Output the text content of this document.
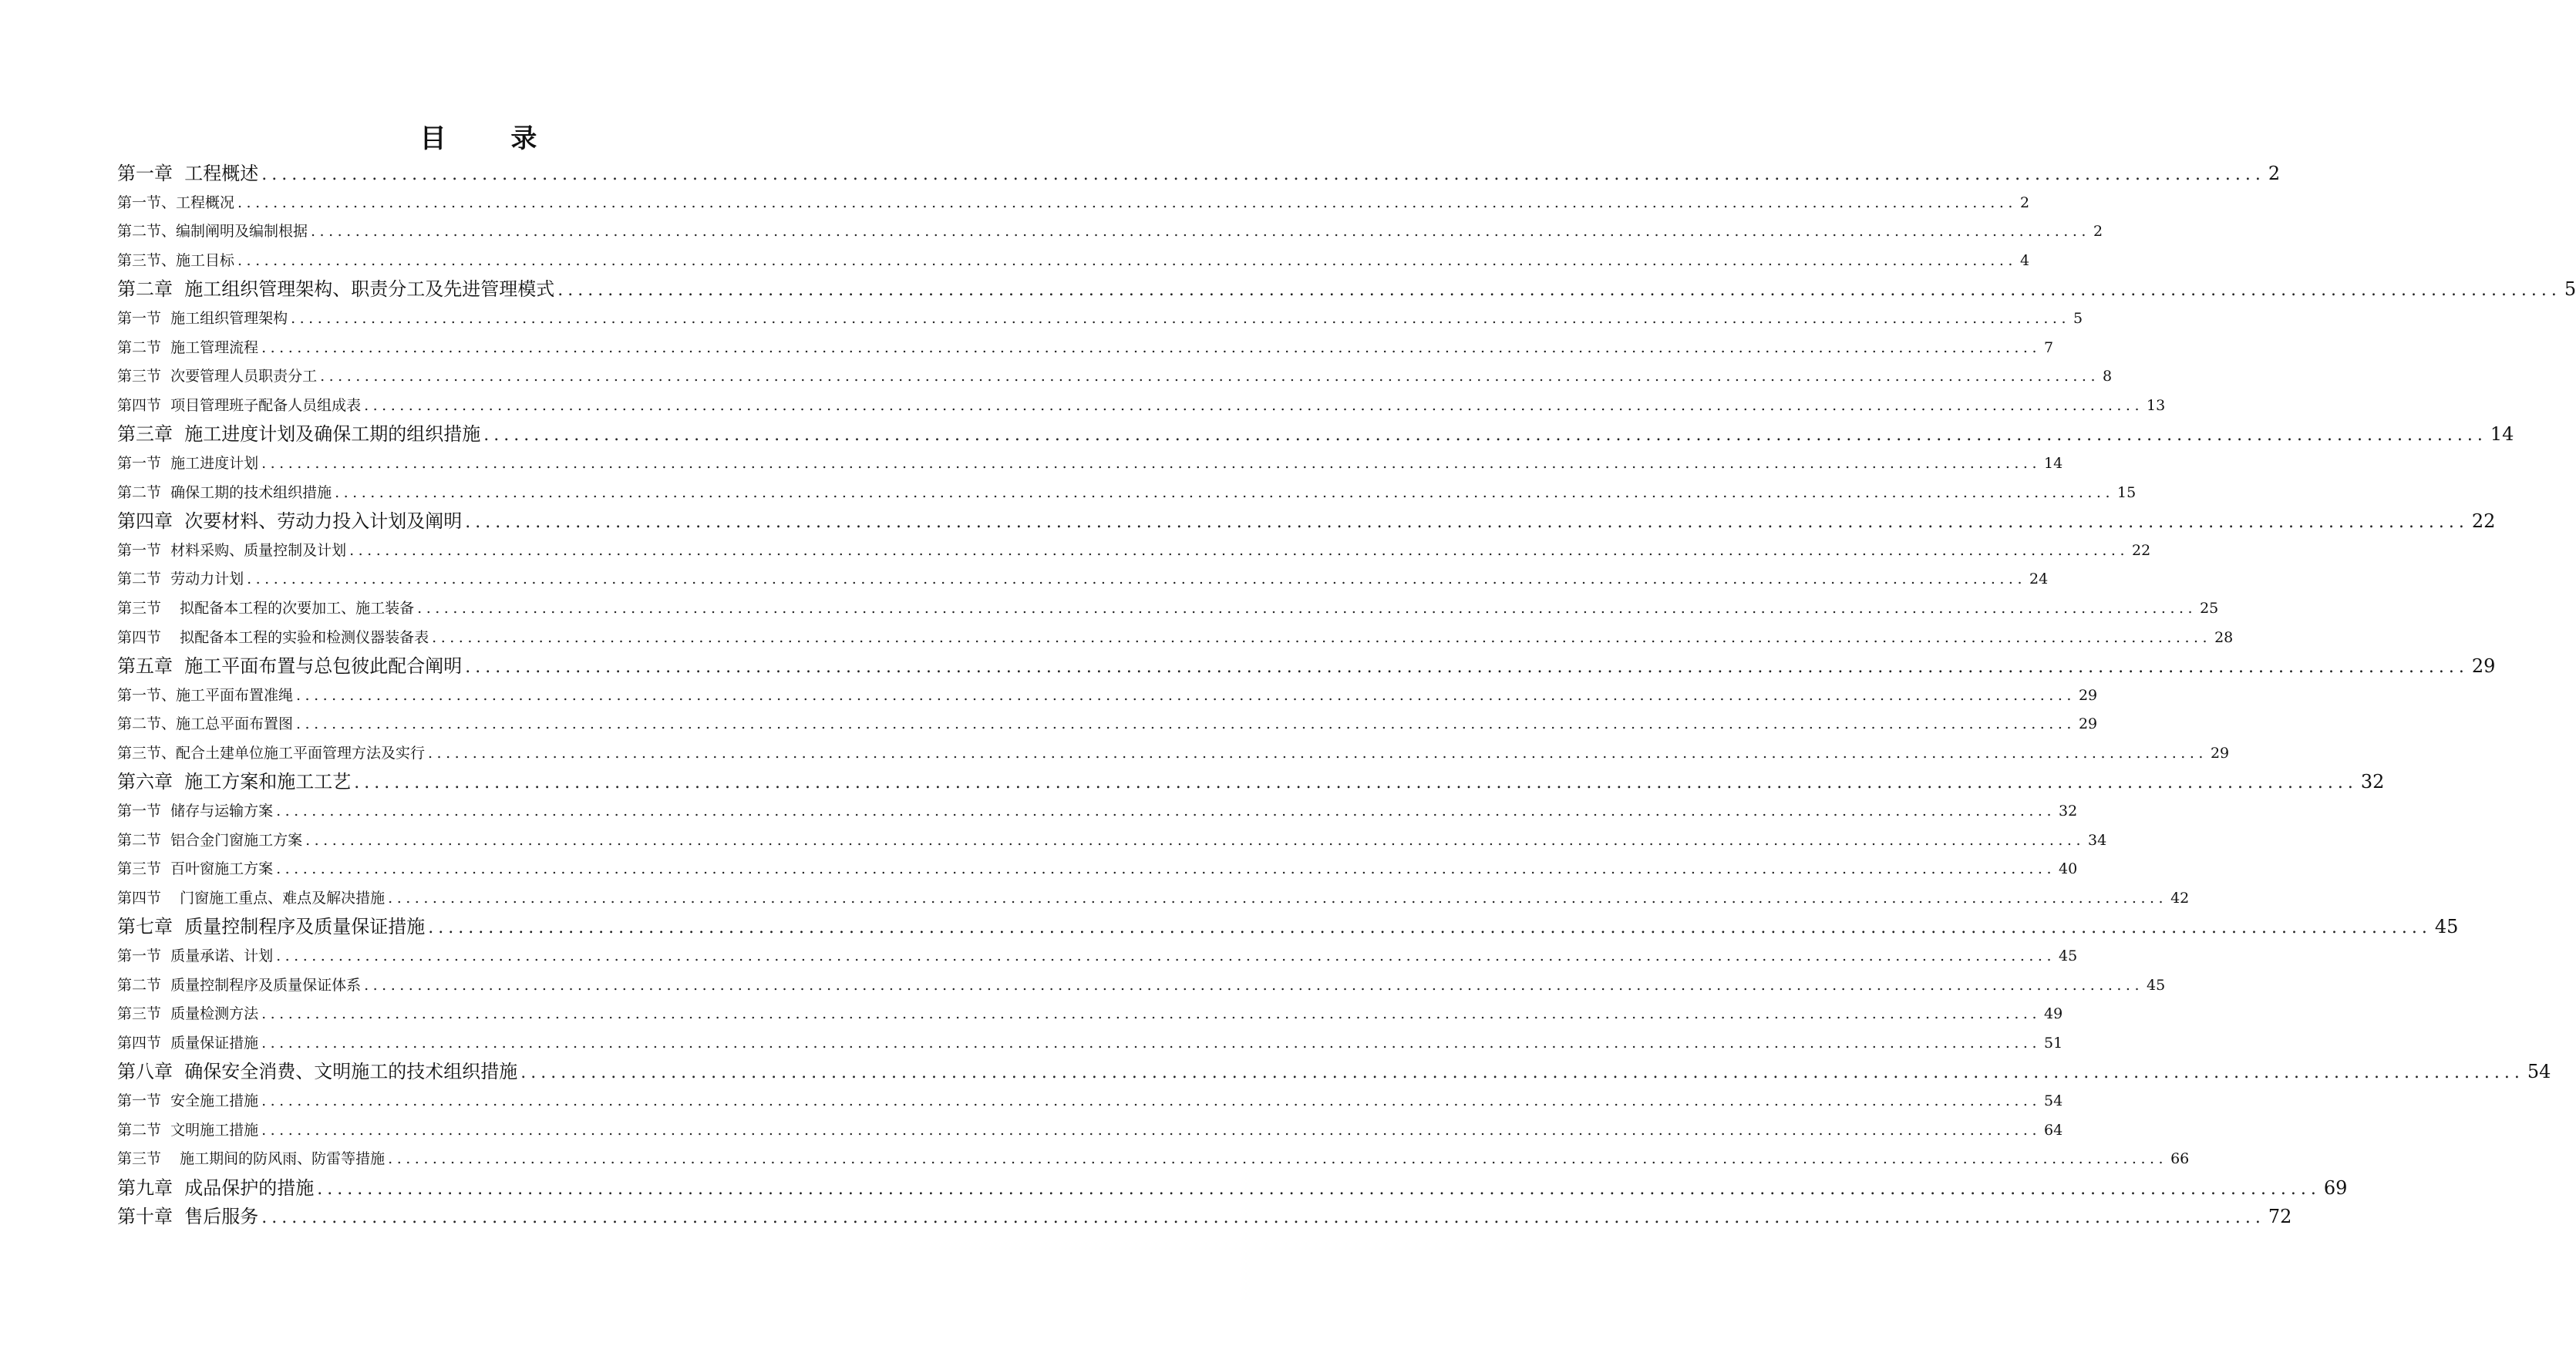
目 录
第一章  工程概述 ........................................................................................................................................................................................................ 2
第一节、工程概况 ........................................................................................................................................................................................................ 2
第二节、编制阐明及编制根据 ........................................................................................................................................................................................................ 2
第三节、施工目标 ........................................................................................................................................................................................................ 4
第二章  施工组织管理架构、职责分工及先进管理模式 ........................................................................................................................................................................................................ 5
第一节  施工组织管理架构 ........................................................................................................................................................................................................ 5
第二节  施工管理流程 ........................................................................................................................................................................................................ 7
第三节  次要管理人员职责分工 ........................................................................................................................................................................................................ 8
第四节  项目管理班子配备人员组成表 ........................................................................................................................................................................................................ 13
第三章  施工进度计划及确保工期的组织措施 ........................................................................................................................................................................................................ 14
第一节  施工进度计划 ........................................................................................................................................................................................................ 14
第二节  确保工期的技术组织措施 ........................................................................................................................................................................................................ 15
第四章  次要材料、劳动力投入计划及阐明 ........................................................................................................................................................................................................ 22
第一节  材料采购、质量控制及计划 ........................................................................................................................................................................................................ 22
第二节  劳动力计划 ........................................................................................................................................................................................................ 24
第三节    拟配备本工程的次要加工、施工装备 ........................................................................................................................................................................................................ 25
第四节    拟配备本工程的实验和检测仪器装备表 ........................................................................................................................................................................................................ 28
第五章  施工平面布置与总包彼此配合阐明 ........................................................................................................................................................................................................ 29
第一节、施工平面布置准绳 ........................................................................................................................................................................................................ 29
第二节、施工总平面布置图 ........................................................................................................................................................................................................ 29
第三节、配合土建单位施工平面管理方法及实行 ........................................................................................................................................................................................................ 29
第六章  施工方案和施工工艺 ........................................................................................................................................................................................................ 32
第一节  储存与运输方案 ........................................................................................................................................................................................................ 32
第二节  铝合金门窗施工方案 ........................................................................................................................................................................................................ 34
第三节  百叶窗施工方案 ........................................................................................................................................................................................................ 40
第四节    门窗施工重点、难点及解决措施 ........................................................................................................................................................................................................ 42
第七章  质量控制程序及质量保证措施 ........................................................................................................................................................................................................ 45
第一节  质量承诺、计划 ........................................................................................................................................................................................................ 45
第二节  质量控制程序及质量保证体系 ........................................................................................................................................................................................................ 45
第三节  质量检测方法 ........................................................................................................................................................................................................ 49
第四节  质量保证措施 ........................................................................................................................................................................................................ 51
第八章  确保安全消费、文明施工的技术组织措施 ........................................................................................................................................................................................................ 54
第一节  安全施工措施 ........................................................................................................................................................................................................ 54
第二节  文明施工措施 ........................................................................................................................................................................................................ 64
第三节    施工期间的防风雨、防雷等措施 ........................................................................................................................................................................................................ 66
第九章  成品保护的措施 ........................................................................................................................................................................................................ 69
第十章  售后服务 ........................................................................................................................................................................................................ 72
